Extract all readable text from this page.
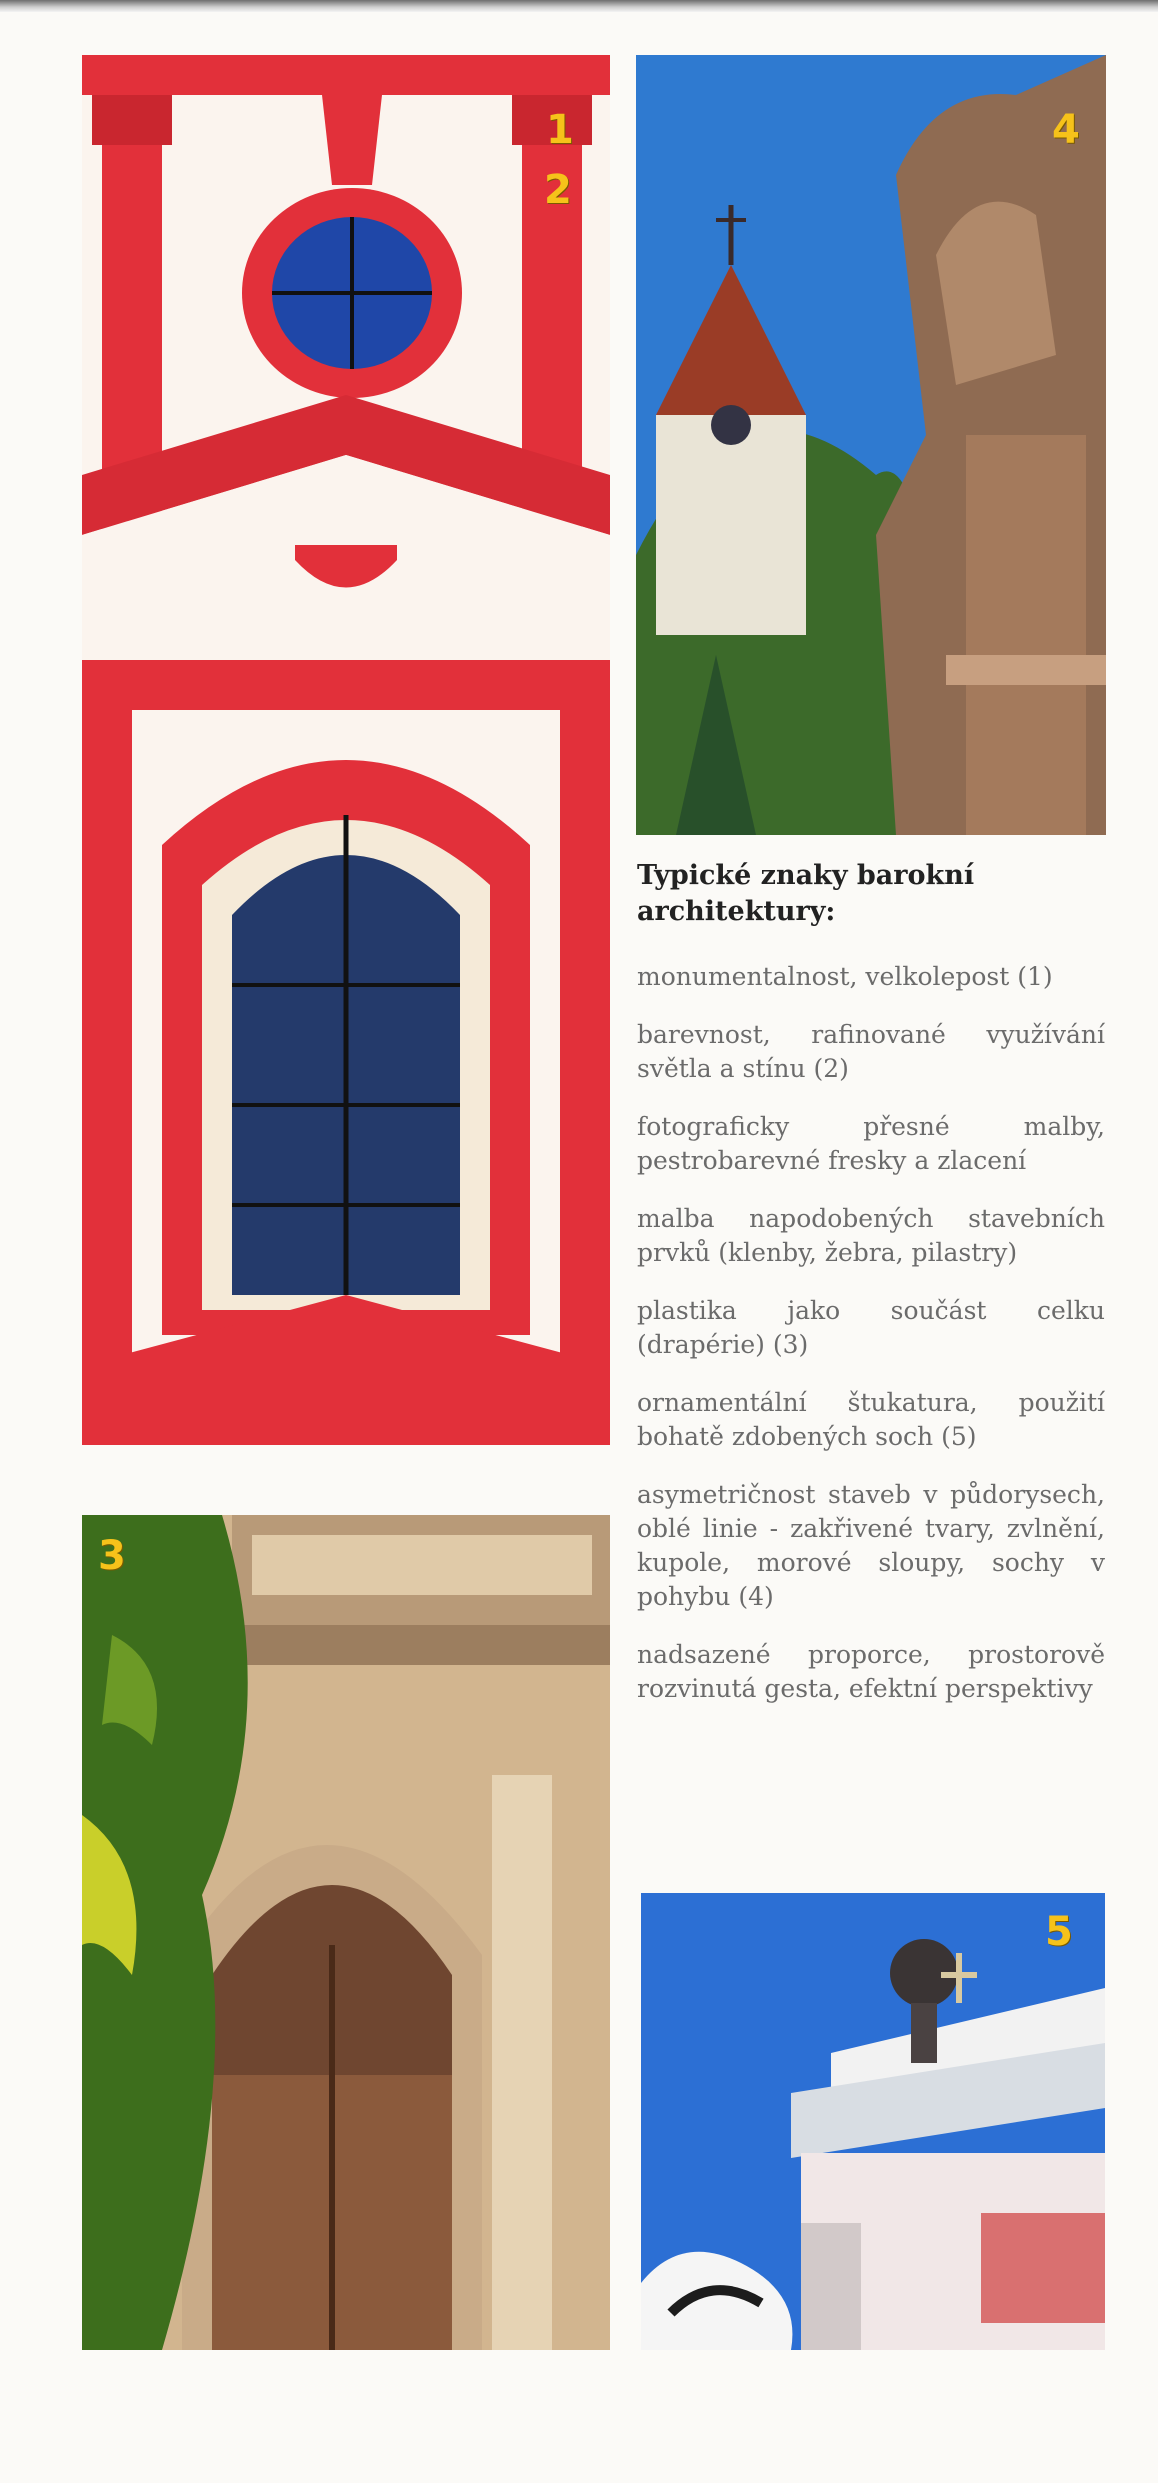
1
2
4
Typické znaky barokní architektury:

monumentalnost, velkolepost (1)

barevnost, rafinované využívání světla a stínu (2)

fotograficky přesné malby, pestrobarevné fresky a zlacení

malba napodobených stavebních prvků (klenby, žebra, pilastry)

plastika jako součást celku (drapérie) (3)

ornamentální štukatura, použití bohatě zdobených soch (5)

asymetričnost staveb v půdorysech, oblé linie - zakřivené tvary, zvlnění, kupole, morové sloupy, sochy v pohybu (4)

nadsazené proporce, prostorově rozvinutá gesta, efektní perspektivy

3
5
